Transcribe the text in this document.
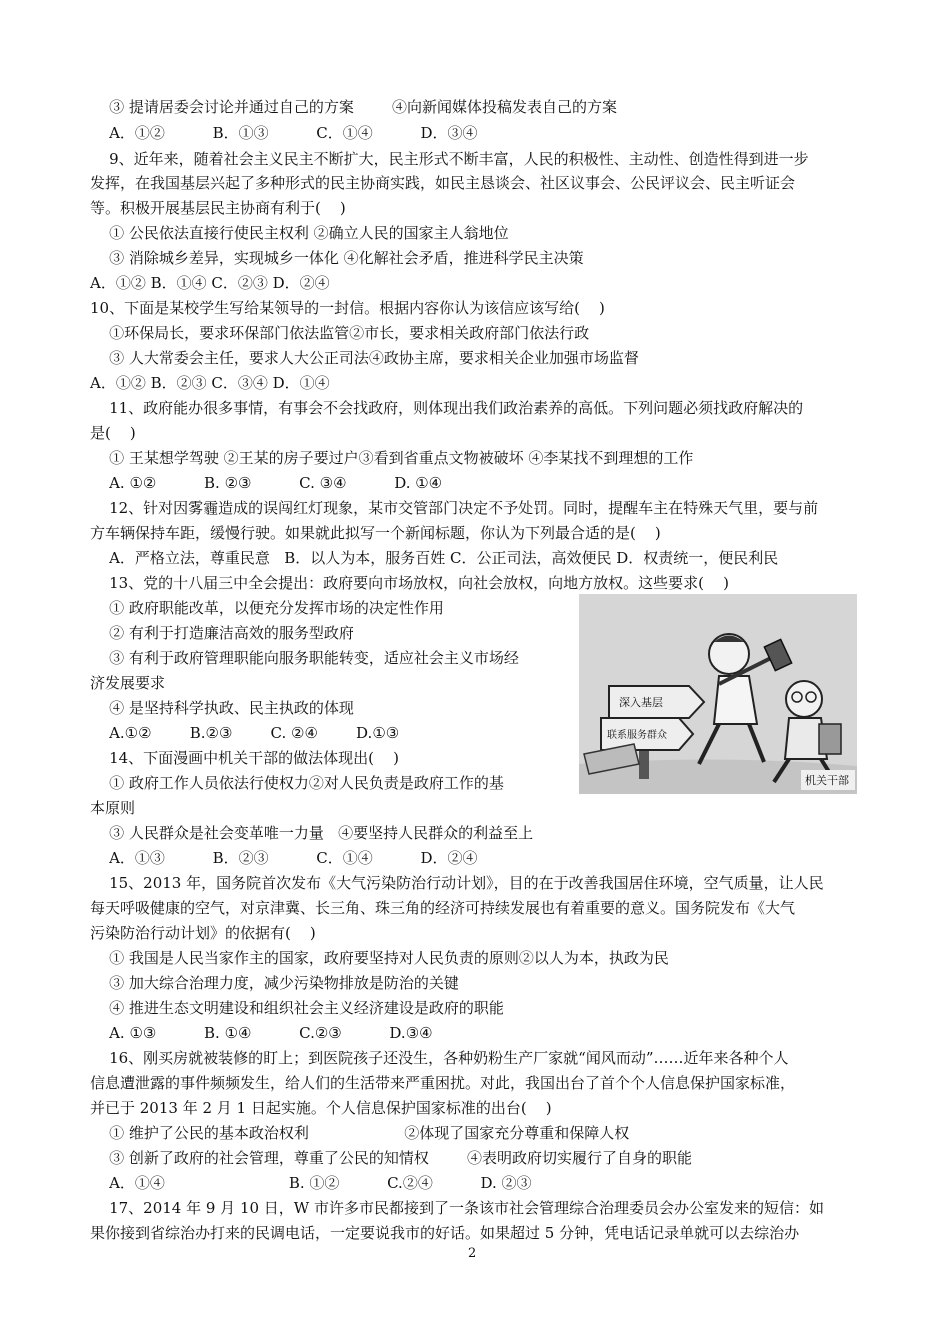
③ 提请居委会讨论并通过自己的方案        ④向新闻媒体投稿发表自己的方案
A．①②          B．①③          C．①④          D．③④
9、近年来，随着社会主义民主不断扩大，民主形式不断丰富，人民的积极性、主动性、创造性得到进一步
发挥，在我国基层兴起了多种形式的民主协商实践，如民主恳谈会、社区议事会、公民评议会、民主听证会
等。积极开展基层民主协商有利于(    )
① 公民依法直接行使民主权利 ②确立人民的国家主人翁地位
③ 消除城乡差异，实现城乡一体化 ④化解社会矛盾，推进科学民主决策
A．①② B．①④ C．②③ D．②④
10、下面是某校学生写给某领导的一封信。根据内容你认为该信应该写给(    )
①环保局长，要求环保部门依法监管②市长，要求相关政府部门依法行政
③ 人大常委会主任，要求人大公正司法④政协主席，要求相关企业加强市场监督
A．①② B．②③ C．③④ D．①④
11、政府能办很多事情，有事会不会找政府，则体现出我们政治素养的高低。下列问题必须找政府解决的
是(    )
① 王某想学驾驶 ②王某的房子要过户③看到省重点文物被破坏 ④李某找不到理想的工作
A. ①②          B. ②③          C. ③④          D. ①④
12、针对因雾霾造成的误闯红灯现象，某市交管部门决定不予处罚。同时，提醒车主在特殊天气里，要与前
方车辆保持车距，缓慢行驶。如果就此拟写一个新闻标题，你认为下列最合适的是(    )
A．严格立法，尊重民意   B．以人为本，服务百姓 C．公正司法，高效便民 D．权责统一，便民利民
13、党的十八届三中全会提出：政府要向市场放权，向社会放权，向地方放权。这些要求(    )
① 政府职能改革，以便充分发挥市场的决定性作用
② 有利于打造廉洁高效的服务型政府
③ 有利于政府管理职能向服务职能转变，适应社会主义市场经
济发展要求
④ 是坚持科学执政、民主执政的体现
A.①②        B.②③        C. ②④        D.①③
14、下面漫画中机关干部的做法体现出(    )
① 政府工作人员依法行使权力②对人民负责是政府工作的基
本原则
③ 人民群众是社会变革唯一力量   ④要坚持人民群众的利益至上
A．①③          B．②③          C．①④          D．②④
15、2013 年，国务院首次发布《大气污染防治行动计划》，目的在于改善我国居住环境，空气质量，让人民
每天呼吸健康的空气，对京津冀、长三角、珠三角的经济可持续发展也有着重要的意义。国务院发布《大气
污染防治行动计划》的依据有(    )
① 我国是人民当家作主的国家，政府要坚持对人民负责的原则②以人为本，执政为民
③ 加大综合治理力度，减少污染物排放是防治的关键
④ 推进生态文明建设和组织社会主义经济建设是政府的职能
A. ①③          B. ①④          C.②③          D.③④
16、刚买房就被装修的盯上；到医院孩子还没生，各种奶粉生产厂家就“闻风而动”……近年来各种个人
信息遭泄露的事件频频发生，给人们的生活带来严重困扰。对此，我国出台了首个个人信息保护国家标准，
并已于 2013 年 2 月 1 日起实施。个人信息保护国家标准的出台(    )
① 维护了公民的基本政治权利                    ②体现了国家充分尊重和保障人权
③ 创新了政府的社会管理，尊重了公民的知情权        ④表明政府切实履行了自身的职能
A．①④                          B. ①②          C.②④          D. ②③
17、2014 年 9 月 10 日，W 市许多市民都接到了一条该市社会管理综合治理委员会办公室发来的短信：如
果你接到省综治办打来的民调电话，一定要说我市的好话。如果超过 5 分钟，凭电话记录单就可以去综治办
深入基层
联系服务群众
机关干部
2
